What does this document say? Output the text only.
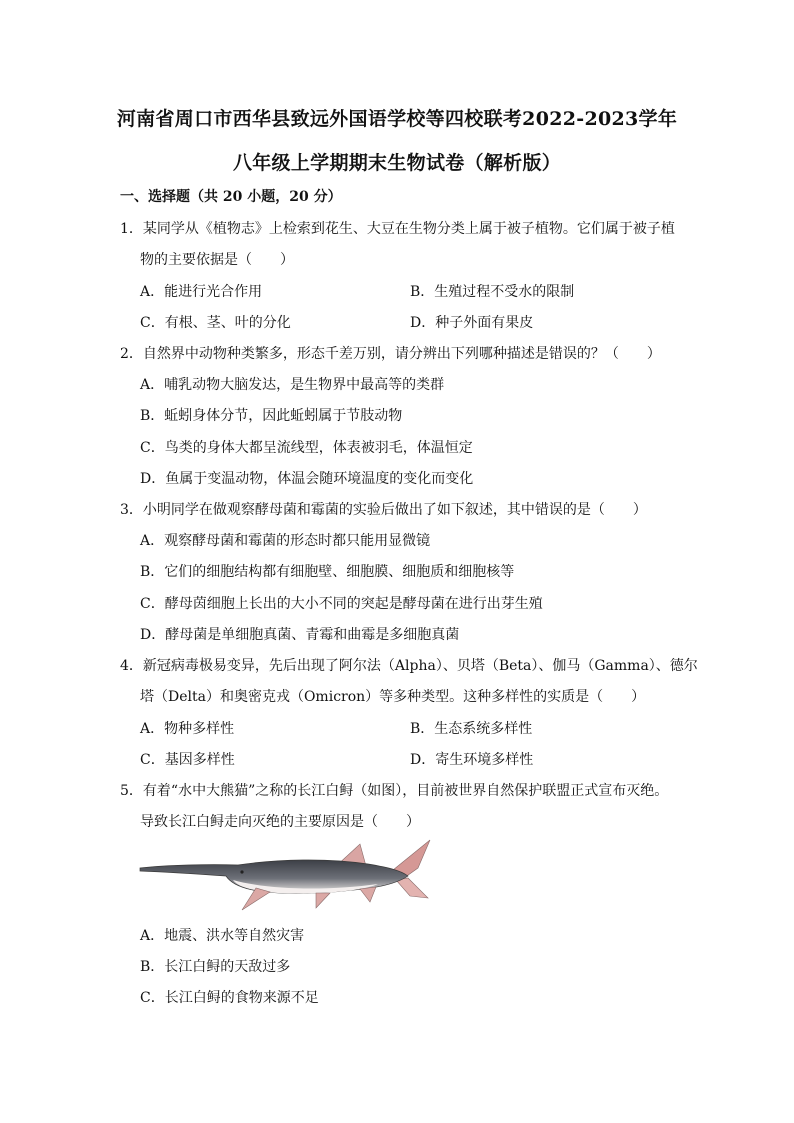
河南省周口市西华县致远外国语学校等四校联考2022-2023学年
八年级上学期期末生物试卷（解析版）
一、选择题（共 20 小题，20 分）
1．某同学从《植物志》上检索到花生、大豆在生物分类上属于被子植物。它们属于被子植
物的主要依据是（　　）
A．能进行光合作用	B．生殖过程不受水的限制
C．有根、茎、叶的分化	D．种子外面有果皮
2．自然界中动物种类繁多，形态千差万别，请分辨出下列哪种描述是错误的？（　　）
A．哺乳动物大脑发达，是生物界中最高等的类群
B．蚯蚓身体分节，因此蚯蚓属于节肢动物
C．鸟类的身体大都呈流线型，体表被羽毛，体温恒定
D．鱼属于变温动物，体温会随环境温度的变化而变化
3．小明同学在做观察酵母菌和霉菌的实验后做出了如下叙述，其中错误的是（　　）
A．观察酵母菌和霉菌的形态时都只能用显微镜
B．它们的细胞结构都有细胞壁、细胞膜、细胞质和细胞核等
C．酵母茵细胞上长出的大小不同的突起是酵母菌在进行出芽生殖
D．酵母菌是单细胞真菌、青霉和曲霉是多细胞真菌
4．新冠病毒极易变异，先后出现了阿尔法（Alpha）、贝塔（Beta）、伽马（Gamma）、德尔
塔（Delta）和奥密克戎（Omicron）等多种类型。这种多样性的实质是（　　）
A．物种多样性	B．生态系统多样性
C．基因多样性	D．寄生环境多样性
5．有着“水中大熊猫”之称的长江白鲟（如图），目前被世界自然保护联盟正式宣布灭绝。
导致长江白鲟走向灭绝的主要原因是（　　）
A．地震、洪水等自然灾害
B．长江白鲟的天敌过多
C．长江白鲟的食物来源不足
